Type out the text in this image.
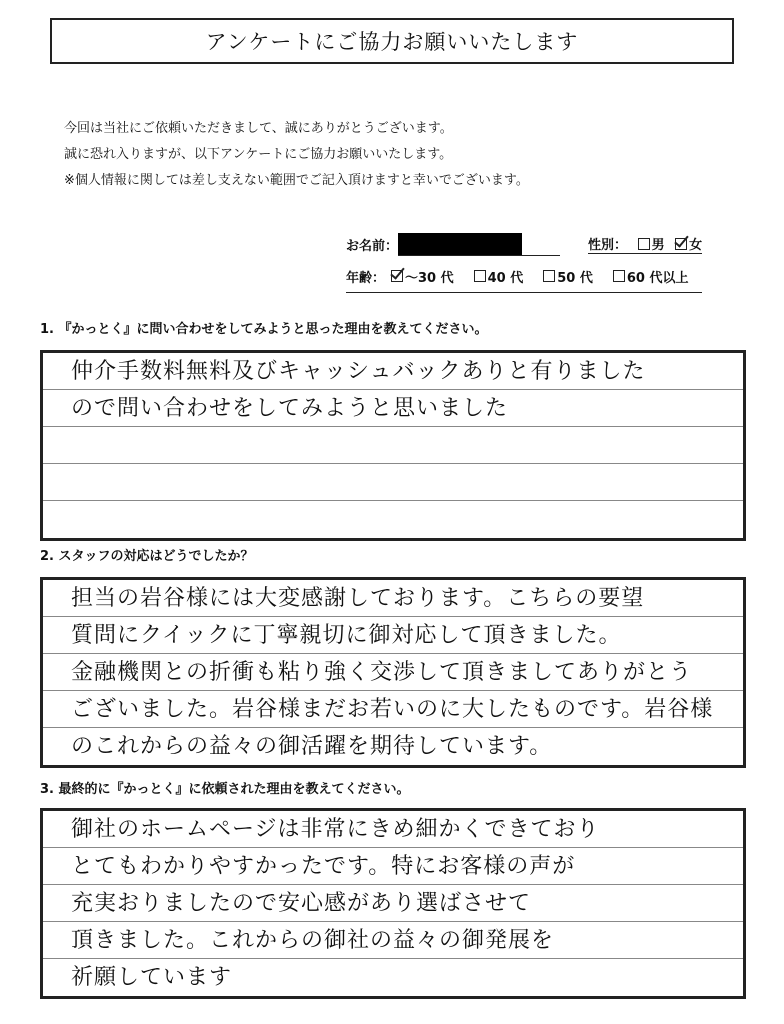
アンケートにご協力お願いいたします
今回は当社にご依頼いただきまして、誠にありがとうございます。
誠に恐れ入りますが、以下アンケートにご協力お願いいたします。
※個人情報に関しては差し支えない範囲でご記入頂けますと幸いでございます。
お名前：	性別： 男 女
年齢： ～30 代	40 代	50 代	60 代以上
1. 『かっとく』に問い合わせをしてみようと思った理由を教えてください。
仲介手数料無料及びキャッシュバックありと有りました
ので問い合わせをしてみようと思いました
2. スタッフの対応はどうでしたか？
担当の岩谷様には大変感謝しております。こちらの要望
質問にクイックに丁寧親切に御対応して頂きました。
金融機関との折衝も粘り強く交渉して頂きましてありがとう
ございました。岩谷様まだお若いのに大したものです。岩谷様
のこれからの益々の御活躍を期待しています。
3. 最終的に『かっとく』に依頼された理由を教えてください。
御社のホームページは非常にきめ細かくできており
とてもわかりやすかったです。特にお客様の声が
充実おりましたので安心感があり選ばさせて
頂きました。これからの御社の益々の御発展を
祈願しています
